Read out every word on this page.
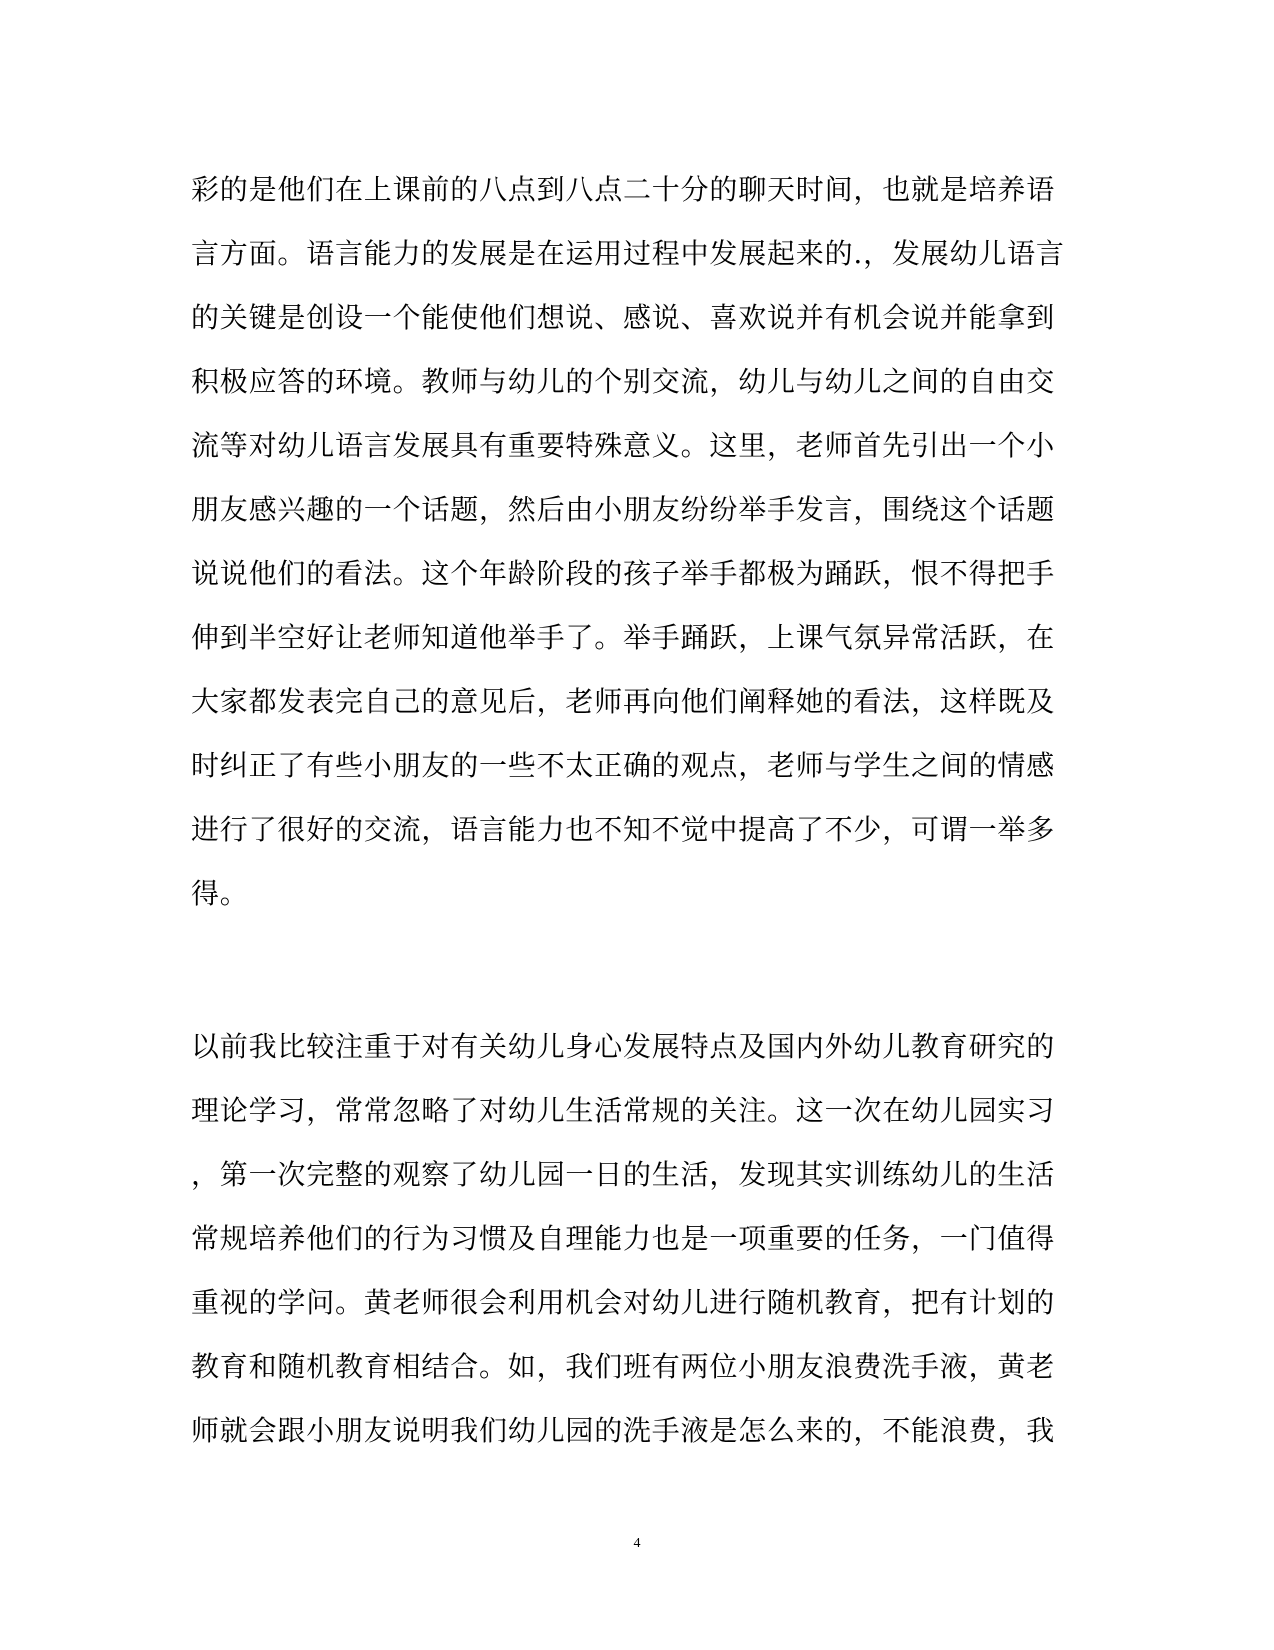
彩的是他们在上课前的八点到八点二十分的聊天时间，也就是培养语
言方面。语言能力的发展是在运用过程中发展起来的.，发展幼儿语言
的关键是创设一个能使他们想说、感说、喜欢说并有机会说并能拿到
积极应答的环境。教师与幼儿的个别交流，幼儿与幼儿之间的自由交
流等对幼儿语言发展具有重要特殊意义。这里，老师首先引出一个小
朋友感兴趣的一个话题，然后由小朋友纷纷举手发言，围绕这个话题
说说他们的看法。这个年龄阶段的孩子举手都极为踊跃，恨不得把手
伸到半空好让老师知道他举手了。举手踊跃，上课气氛异常活跃，在
大家都发表完自己的意见后，老师再向他们阐释她的看法，这样既及
时纠正了有些小朋友的一些不太正确的观点，老师与学生之间的情感
进行了很好的交流，语言能力也不知不觉中提高了不少，可谓一举多
得。
以前我比较注重于对有关幼儿身心发展特点及国内外幼儿教育研究的
理论学习，常常忽略了对幼儿生活常规的关注。这一次在幼儿园实习
，第一次完整的观察了幼儿园一日的生活，发现其实训练幼儿的生活
常规培养他们的行为习惯及自理能力也是一项重要的任务，一门值得
重视的学问。黄老师很会利用机会对幼儿进行随机教育，把有计划的
教育和随机教育相结合。如，我们班有两位小朋友浪费洗手液，黄老
师就会跟小朋友说明我们幼儿园的洗手液是怎么来的，不能浪费，我
4
